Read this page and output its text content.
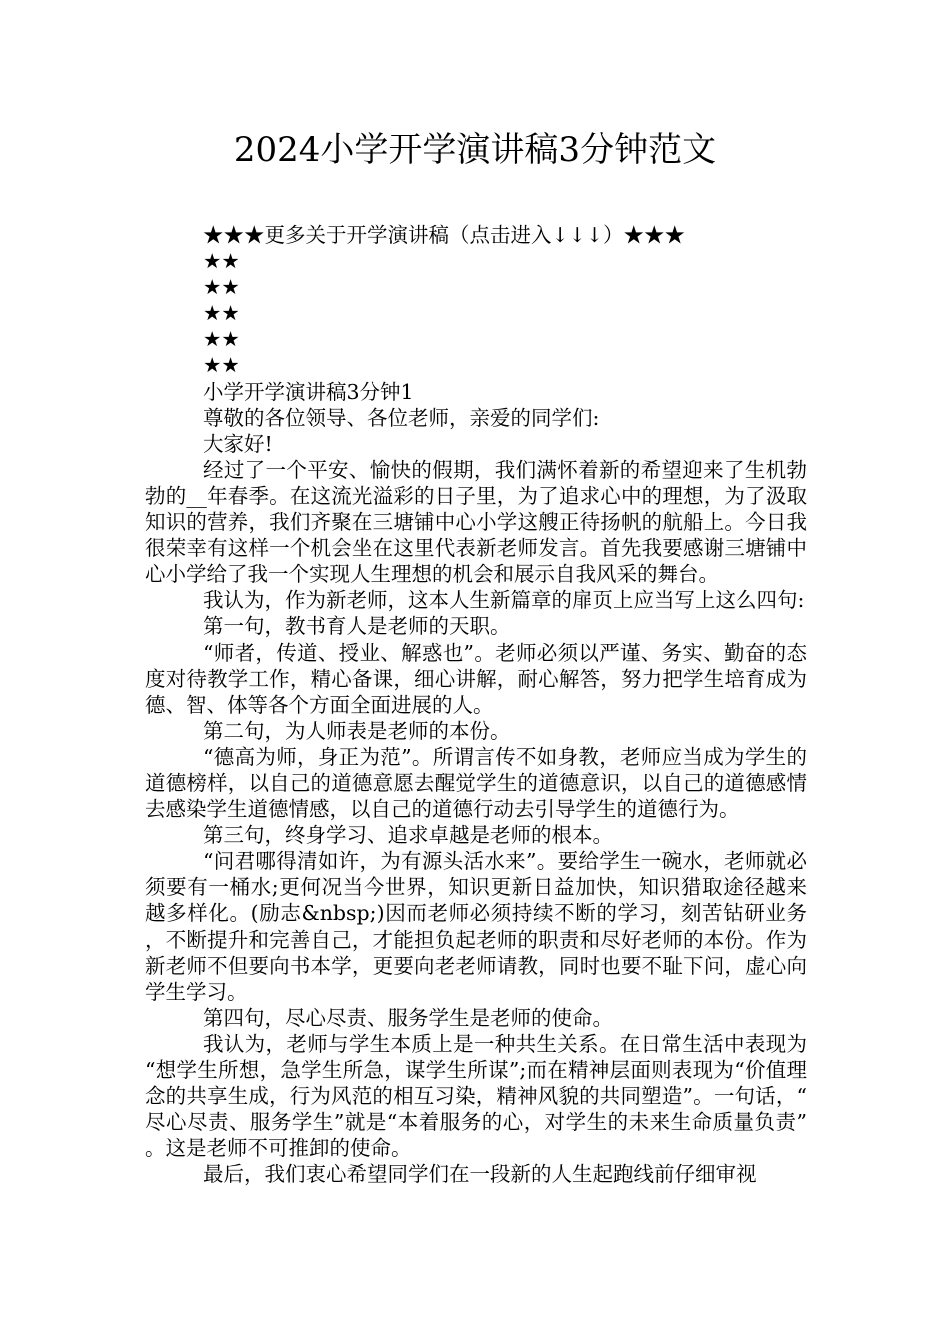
2024小学开学演讲稿3分钟范文

★★★更多关于开学演讲稿（点击进入↓↓↓）★★★

★★

★★

★★

★★

★★

小学开学演讲稿3分钟1

尊敬的各位领导、各位老师，亲爱的同学们:

大家好!

经过了一个平安、愉快的假期，我们满怀着新的希望迎来了生机勃勃的__年春季。在这流光溢彩的日子里，为了追求心中的理想，为了汲取知识的营养，我们齐聚在三塘铺中心小学这艘正待扬帆的航船上。今日我很荣幸有这样一个机会坐在这里代表新老师发言。首先我要感谢三塘铺中心小学给了我一个实现人生理想的机会和展示自我风采的舞台。

我认为，作为新老师，这本人生新篇章的扉页上应当写上这么四句:

第一句，教书育人是老师的天职。

“师者，传道、授业、解惑也”。老师必须以严谨、务实、勤奋的态度对待教学工作，精心备课，细心讲解，耐心解答，努力把学生培育成为德、智、体等各个方面全面进展的人。

第二句，为人师表是老师的本份。

“德高为师，身正为范”。所谓言传不如身教，老师应当成为学生的道德榜样，以自己的道德意愿去醒觉学生的道德意识，以自己的道德感情去感染学生道德情感，以自己的道德行动去引导学生的道德行为。

第三句，终身学习、追求卓越是老师的根本。

“问君哪得清如许，为有源头活水来”。要给学生一碗水，老师就必须要有一桶水;更何况当今世界，知识更新日益加快，知识猎取途径越来越多样化。(励志&nbsp;)因而老师必须持续不断的学习，刻苦钻研业务，不断提升和完善自己，才能担负起老师的职责和尽好老师的本份。作为新老师不但要向书本学，更要向老老师请教，同时也要不耻下问，虚心向学生学习。

第四句，尽心尽责、服务学生是老师的使命。

我认为，老师与学生本质上是一种共生关系。在日常生活中表现为“想学生所想，急学生所急，谋学生所谋”;而在精神层面则表现为“价值理念的共享生成，行为风范的相互习染，精神风貌的共同塑造”。一句话，“尽心尽责、服务学生”就是“本着服务的心，对学生的未来生命质量负责”。这是老师不可推卸的使命。

最后，我们衷心希望同学们在一段新的人生起跑线前仔细审视
